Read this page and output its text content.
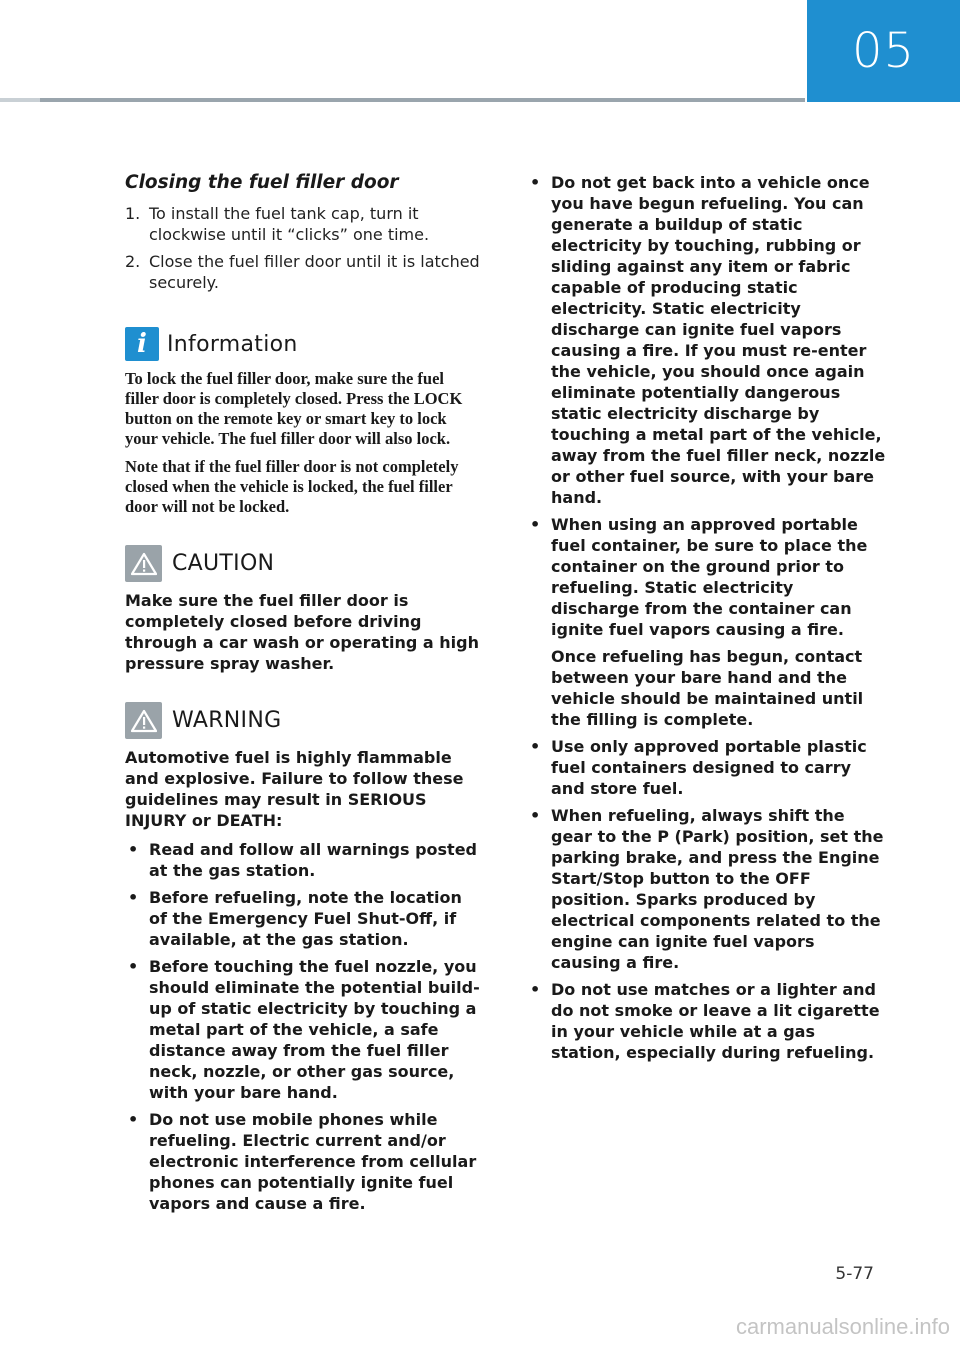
05
Closing the fuel filler door
1. To install the fuel tank cap, turn it clockwise until it “clicks” one time.
2. Close the fuel filler door until it is latched securely.
i Information

To lock the fuel filler door, make sure the fuel filler door is completely closed. Press the LOCK button on the remote key or smart key to lock your vehicle. The fuel filler door will also lock.

Note that if the fuel filler door is not completely closed when the vehicle is locked, the fuel filler door will not be locked.

CAUTION

Make sure the fuel filler door is completely closed before driving through a car wash or operating a high pressure spray washer.

WARNING

Automotive fuel is highly flammable and explosive. Failure to follow these guidelines may result in SERIOUS INJURY or DEATH:

• Read and follow all warnings posted at the gas station.

• Before refueling, note the location of the Emergency Fuel Shut-Off, if available, at the gas station.

• Before touching the fuel nozzle, you should eliminate the potential build-up of static electricity by touching a metal part of the vehicle, a safe distance away from the fuel filler neck, nozzle, or other gas source, with your bare hand.

• Do not use mobile phones while refueling. Electric current and/or electronic interference from cellular phones can potentially ignite fuel vapors and cause a fire.

• Do not get back into a vehicle once you have begun refueling. You can generate a buildup of static electricity by touching, rubbing or sliding against any item or fabric capable of producing static electricity. Static electricity discharge can ignite fuel vapors causing a fire. If you must re-enter the vehicle, you should once again eliminate potentially dangerous static electricity discharge by touching a metal part of the vehicle, away from the fuel filler neck, nozzle or other fuel source, with your bare hand.

• When using an approved portable fuel container, be sure to place the container on the ground prior to refueling. Static electricity discharge from the container can ignite fuel vapors causing a fire.

Once refueling has begun, contact between your bare hand and the vehicle should be maintained until the filling is complete.

• Use only approved portable plastic fuel containers designed to carry and store fuel.

• When refueling, always shift the gear to the P (Park) position, set the parking brake, and press the Engine Start/Stop button to the OFF position. Sparks produced by electrical components related to the engine can ignite fuel vapors causing a fire.

• Do not use matches or a lighter and do not smoke or leave a lit cigarette in your vehicle while at a gas station, especially during refueling.

5-77
carmanualsonline.info
